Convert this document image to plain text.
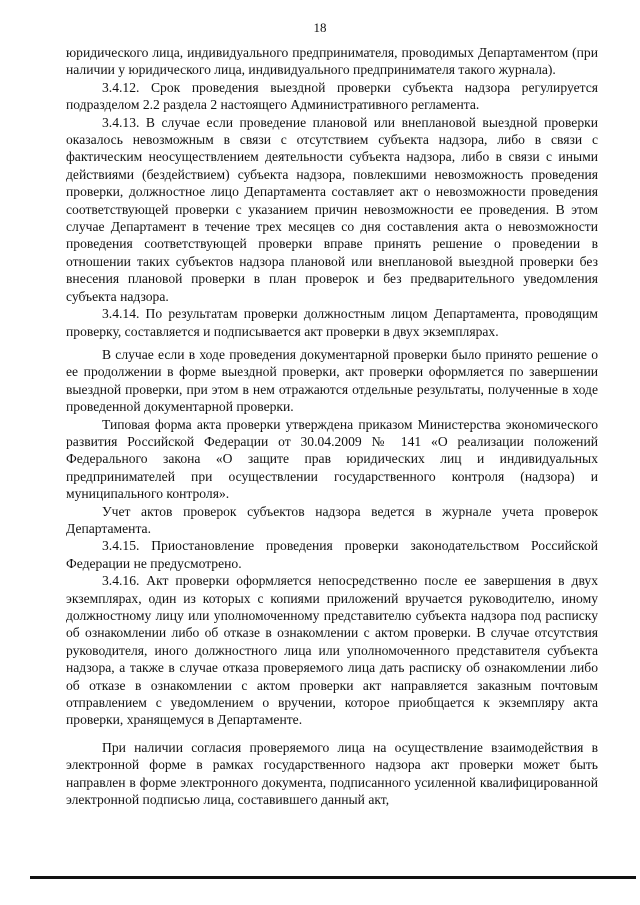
18

юридического лица, индивидуального предпринимателя, проводимых Департаментом (при наличии у юридического лица, индивидуального предпринимателя такого журнала).

3.4.12. Срок проведения выездной проверки субъекта надзора регулируется подразделом 2.2 раздела 2 настоящего Административного регламента.

3.4.13. В случае если проведение плановой или внеплановой выездной проверки оказалось невозможным в связи с отсутствием субъекта надзора, либо в связи с фактическим неосуществлением деятельности субъекта надзора, либо в связи с иными действиями (бездействием) субъекта надзора, повлекшими невозможность проведения проверки, должностное лицо Департамента составляет акт о невозможности проведения соответствующей проверки с указанием причин невозможности ее проведения. В этом случае Департамент в течение трех месяцев со дня составления акта о невозможности проведения соответствующей проверки вправе принять решение о проведении в отношении таких субъектов надзора плановой или внеплановой выездной проверки без внесения плановой проверки в план проверок и без предварительного уведомления субъекта надзора.

3.4.14. По результатам проверки должностным лицом Департамента, проводящим проверку, составляется и подписывается акт проверки в двух экземплярах.

В случае если в ходе проведения документарной проверки было принято решение о ее продолжении в форме выездной проверки, акт проверки оформляется по завершении выездной проверки, при этом в нем отражаются отдельные результаты, полученные в ходе проведенной документарной проверки.

Типовая форма акта проверки утверждена приказом Министерства экономического развития Российской Федерации от 30.04.2009 № 141 «О реализации положений Федерального закона «О защите прав юридических лиц и индивидуальных предпринимателей при осуществлении государственного контроля (надзора) и муниципального контроля».

Учет актов проверок субъектов надзора ведется в журнале учета проверок Департамента.

3.4.15. Приостановление проведения проверки законодательством Российской Федерации не предусмотрено.

3.4.16. Акт проверки оформляется непосредственно после ее завершения в двух экземплярах, один из которых с копиями приложений вручается руководителю, иному должностному лицу или уполномоченному представителю субъекта надзора под расписку об ознакомлении либо об отказе в ознакомлении с актом проверки. В случае отсутствия руководителя, иного должностного лица или уполномоченного представителя субъекта надзора, а также в случае отказа проверяемого лица дать расписку об ознакомлении либо об отказе в ознакомлении с актом проверки акт направляется заказным почтовым отправлением с уведомлением о вручении, которое приобщается к экземпляру акта проверки, хранящемуся в Департаменте.

При наличии согласия проверяемого лица на осуществление взаимодействия в электронной форме в рамках государственного надзора акт проверки может быть направлен в форме электронного документа, подписанного усиленной квалифицированной электронной подписью лица, составившего данный акт,
